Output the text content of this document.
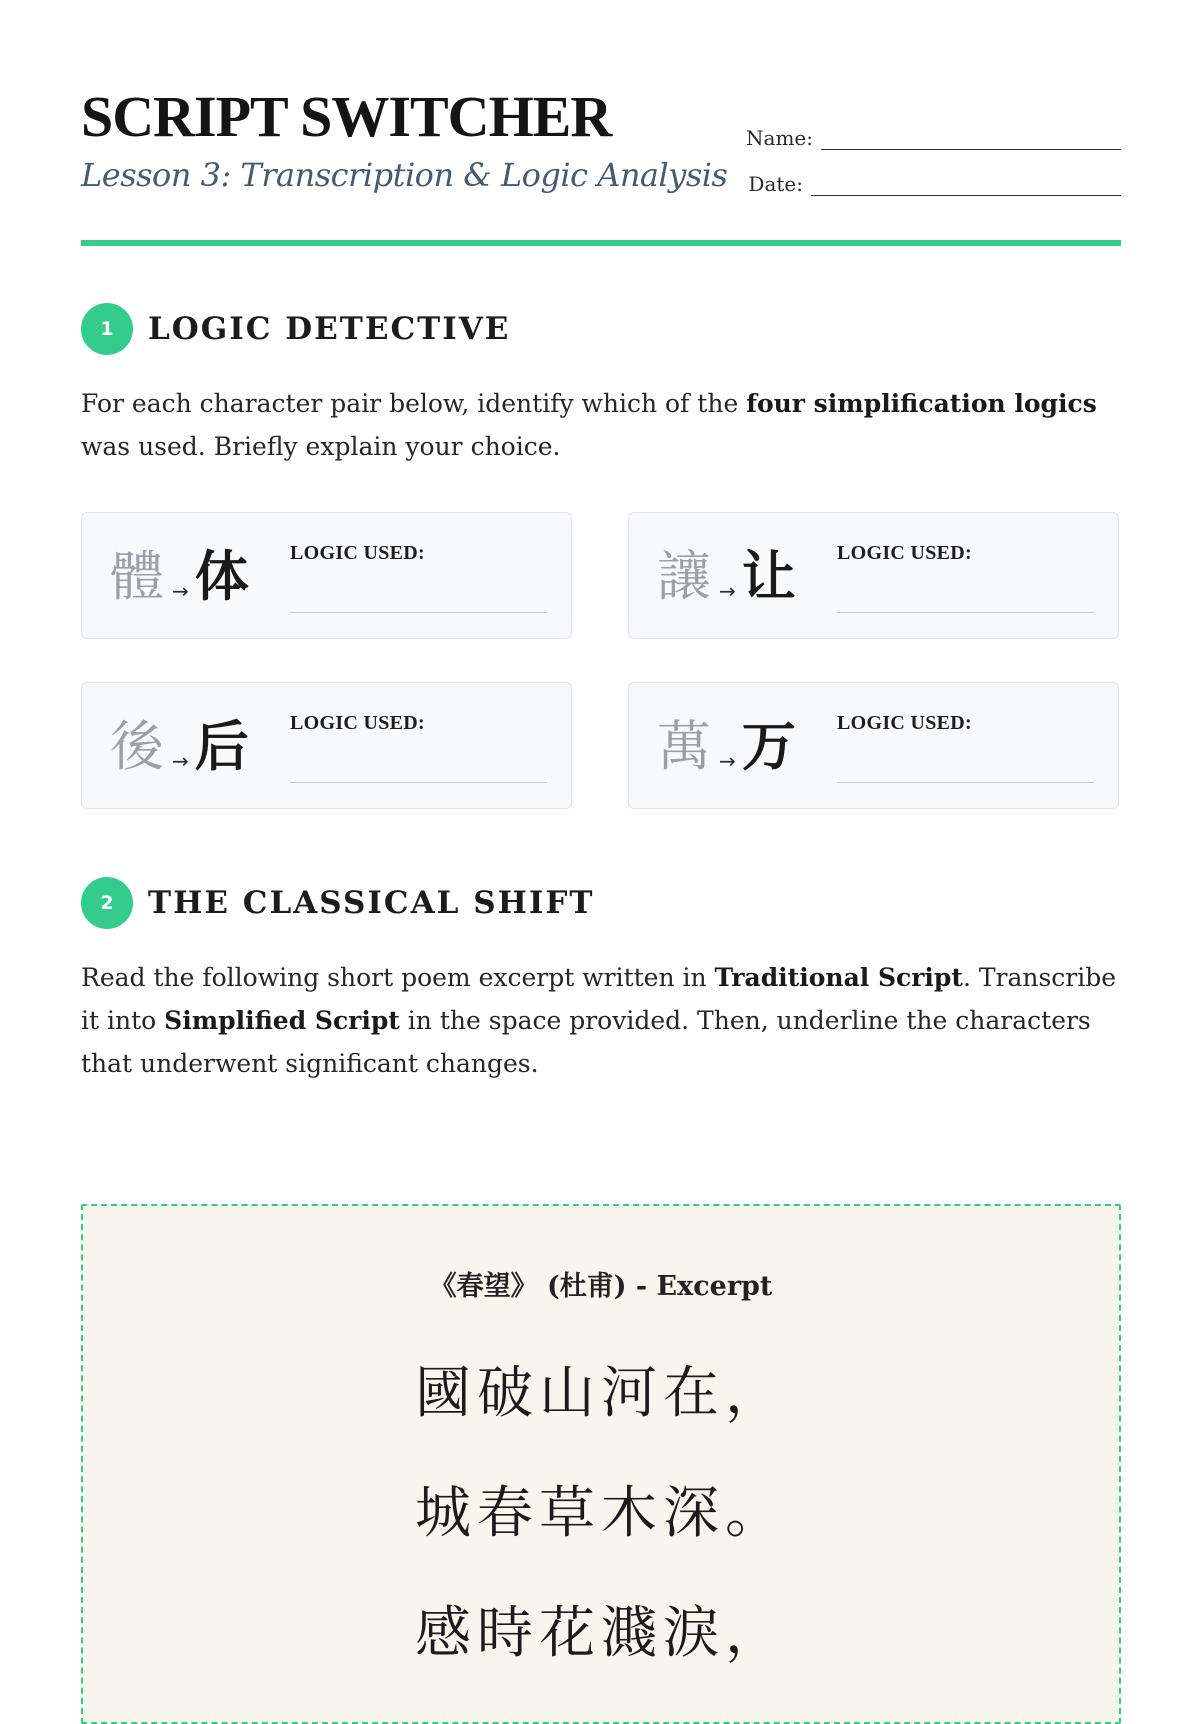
SCRIPT SWITCHER

Lesson 3: Transcription & Logic Analysis

Name:
Date:
1	LOGIC DETECTIVE

For each character pair below, identify which of the four simplification logics was used. Briefly explain your choice.

體 → 体 LOGIC USED:	讓 → 让 LOGIC USED:
後 → 后 LOGIC USED:	萬 → 万 LOGIC USED:
2	THE CLASSICAL SHIFT

Read the following short poem excerpt written in Traditional Script. Transcribe it into Simplified Script in the space provided. Then, underline the characters that underwent significant changes.

《春望》 (杜甫) - Excerpt
國破山河在，
城春草木深。
感時花濺淚，
